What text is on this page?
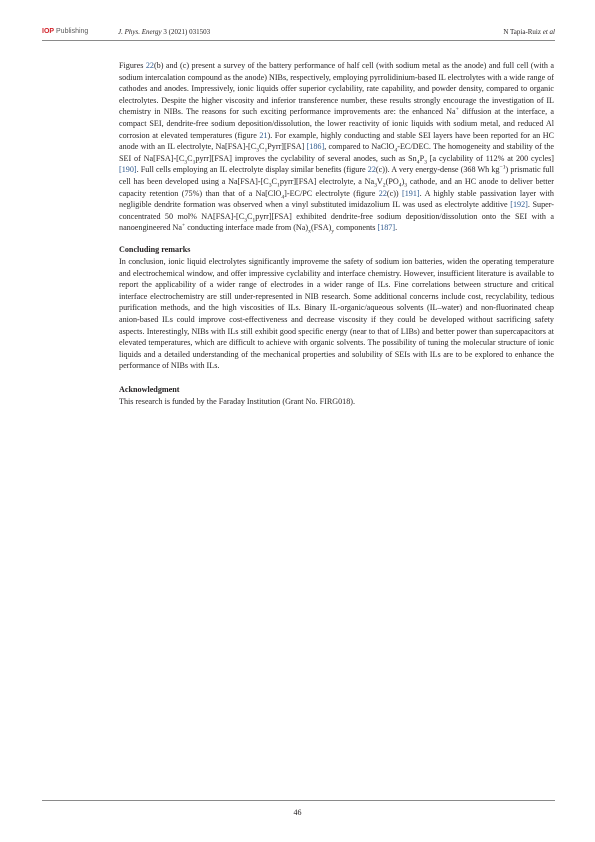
IOP Publishing	J. Phys. Energy 3 (2021) 031503	N Tapia-Ruiz et al

Figures 22(b) and (c) present a survey of the battery performance of half cell (with sodium metal as the anode) and full cell (with a sodium intercalation compound as the anode) NIBs, respectively, employing pyrrolidinium-based IL electrolytes with a wide range of cathodes and anodes. Impressively, ionic liquids offer superior cyclability, rate capability, and powder density, compared to organic electrolytes. Despite the higher viscosity and inferior transference number, these results strongly encourage the investigation of IL chemistry in NIBs. The reasons for such exciting performance improvements are: the enhanced Na+ diffusion at the interface, a compact SEI, dendrite-free sodium deposition/dissolution, the lower reactivity of ionic liquids with sodium metal, and reduced Al corrosion at elevated temperatures (figure 21). For example, highly conducting and stable SEI layers have been reported for an HC anode with an IL electrolyte, $Na[FSA]-[C_3C_1Pyrr][FSA]$ [186], compared to NaClO$_4$-EC/DEC. The homogeneity and stability of the SEI of $Na[FSA]-[C_3C_1pyrr][FSA]$ improves the cyclability of several anodes, such as $Sn_4P_3$ [a cyclability of 112% at 200 cycles] [190]. Full cells employing an IL electrolyte display similar benefits (figure 22(c)). A very energy-dense (368 Wh $kg^{-1}$) prismatic full cell has been developed using a $Na[FSA]-[C_3C_1pyrr][FSA]$ electrolyte, a $Na_3V_2(PO_4)_3$ cathode, and an HC anode to deliver better capacity retention (75%) than that of a Na[ClO$_4$]-EC/PC electrolyte (figure 22(c)) [191]. A highly stable passivation layer with negligible dendrite formation was observed when a vinyl substituted imidazolium IL was used as electrolyte additive [192]. Super-concentrated 50 mol% $NA[FSA]-[C_3C_1pyrr][FSA]$ exhibited dendrite-free sodium deposition/dissolution onto the SEI with a nanoengineered Na+ conducting interface made from $(Na)_x(FSA)_y$ components [187].

Concluding remarks

In conclusion, ionic liquid electrolytes significantly improveme the safety of sodium ion batteries, widen the operating temperature and electrochemical window, and offer impressive cyclability and interface chemistry. However, insufficient literature is available to report the applicability of a wider range of electrodes in a wider range of ILs. Fine correlations between structure and critical interface electrochemistry are still under-represented in NIB research. Some additional concerns include cost, recyclability, tedious purification methods, and the high viscosities of ILs. Binary IL-organic/aqueous solvents (IL–water) and non-fluorinated cheap anion-based ILs could improve cost-effectiveness and decrease viscosity if they could be developed without sacrificing safety aspects. Interestingly, NIBs with ILs still exhibit good specific energy (near to that of LIBs) and better power than supercapacitors at elevated temperatures, which are difficult to achieve with organic solvents. The possibility of tuning the molecular structure of ionic liquids and a detailed understanding of the mechanical properties and solubility of SEIs with ILs are to be explored to enhance the performance of NIBs with ILs.

Acknowledgment

This research is funded by the Faraday Institution (Grant No. FIRG018).

46
